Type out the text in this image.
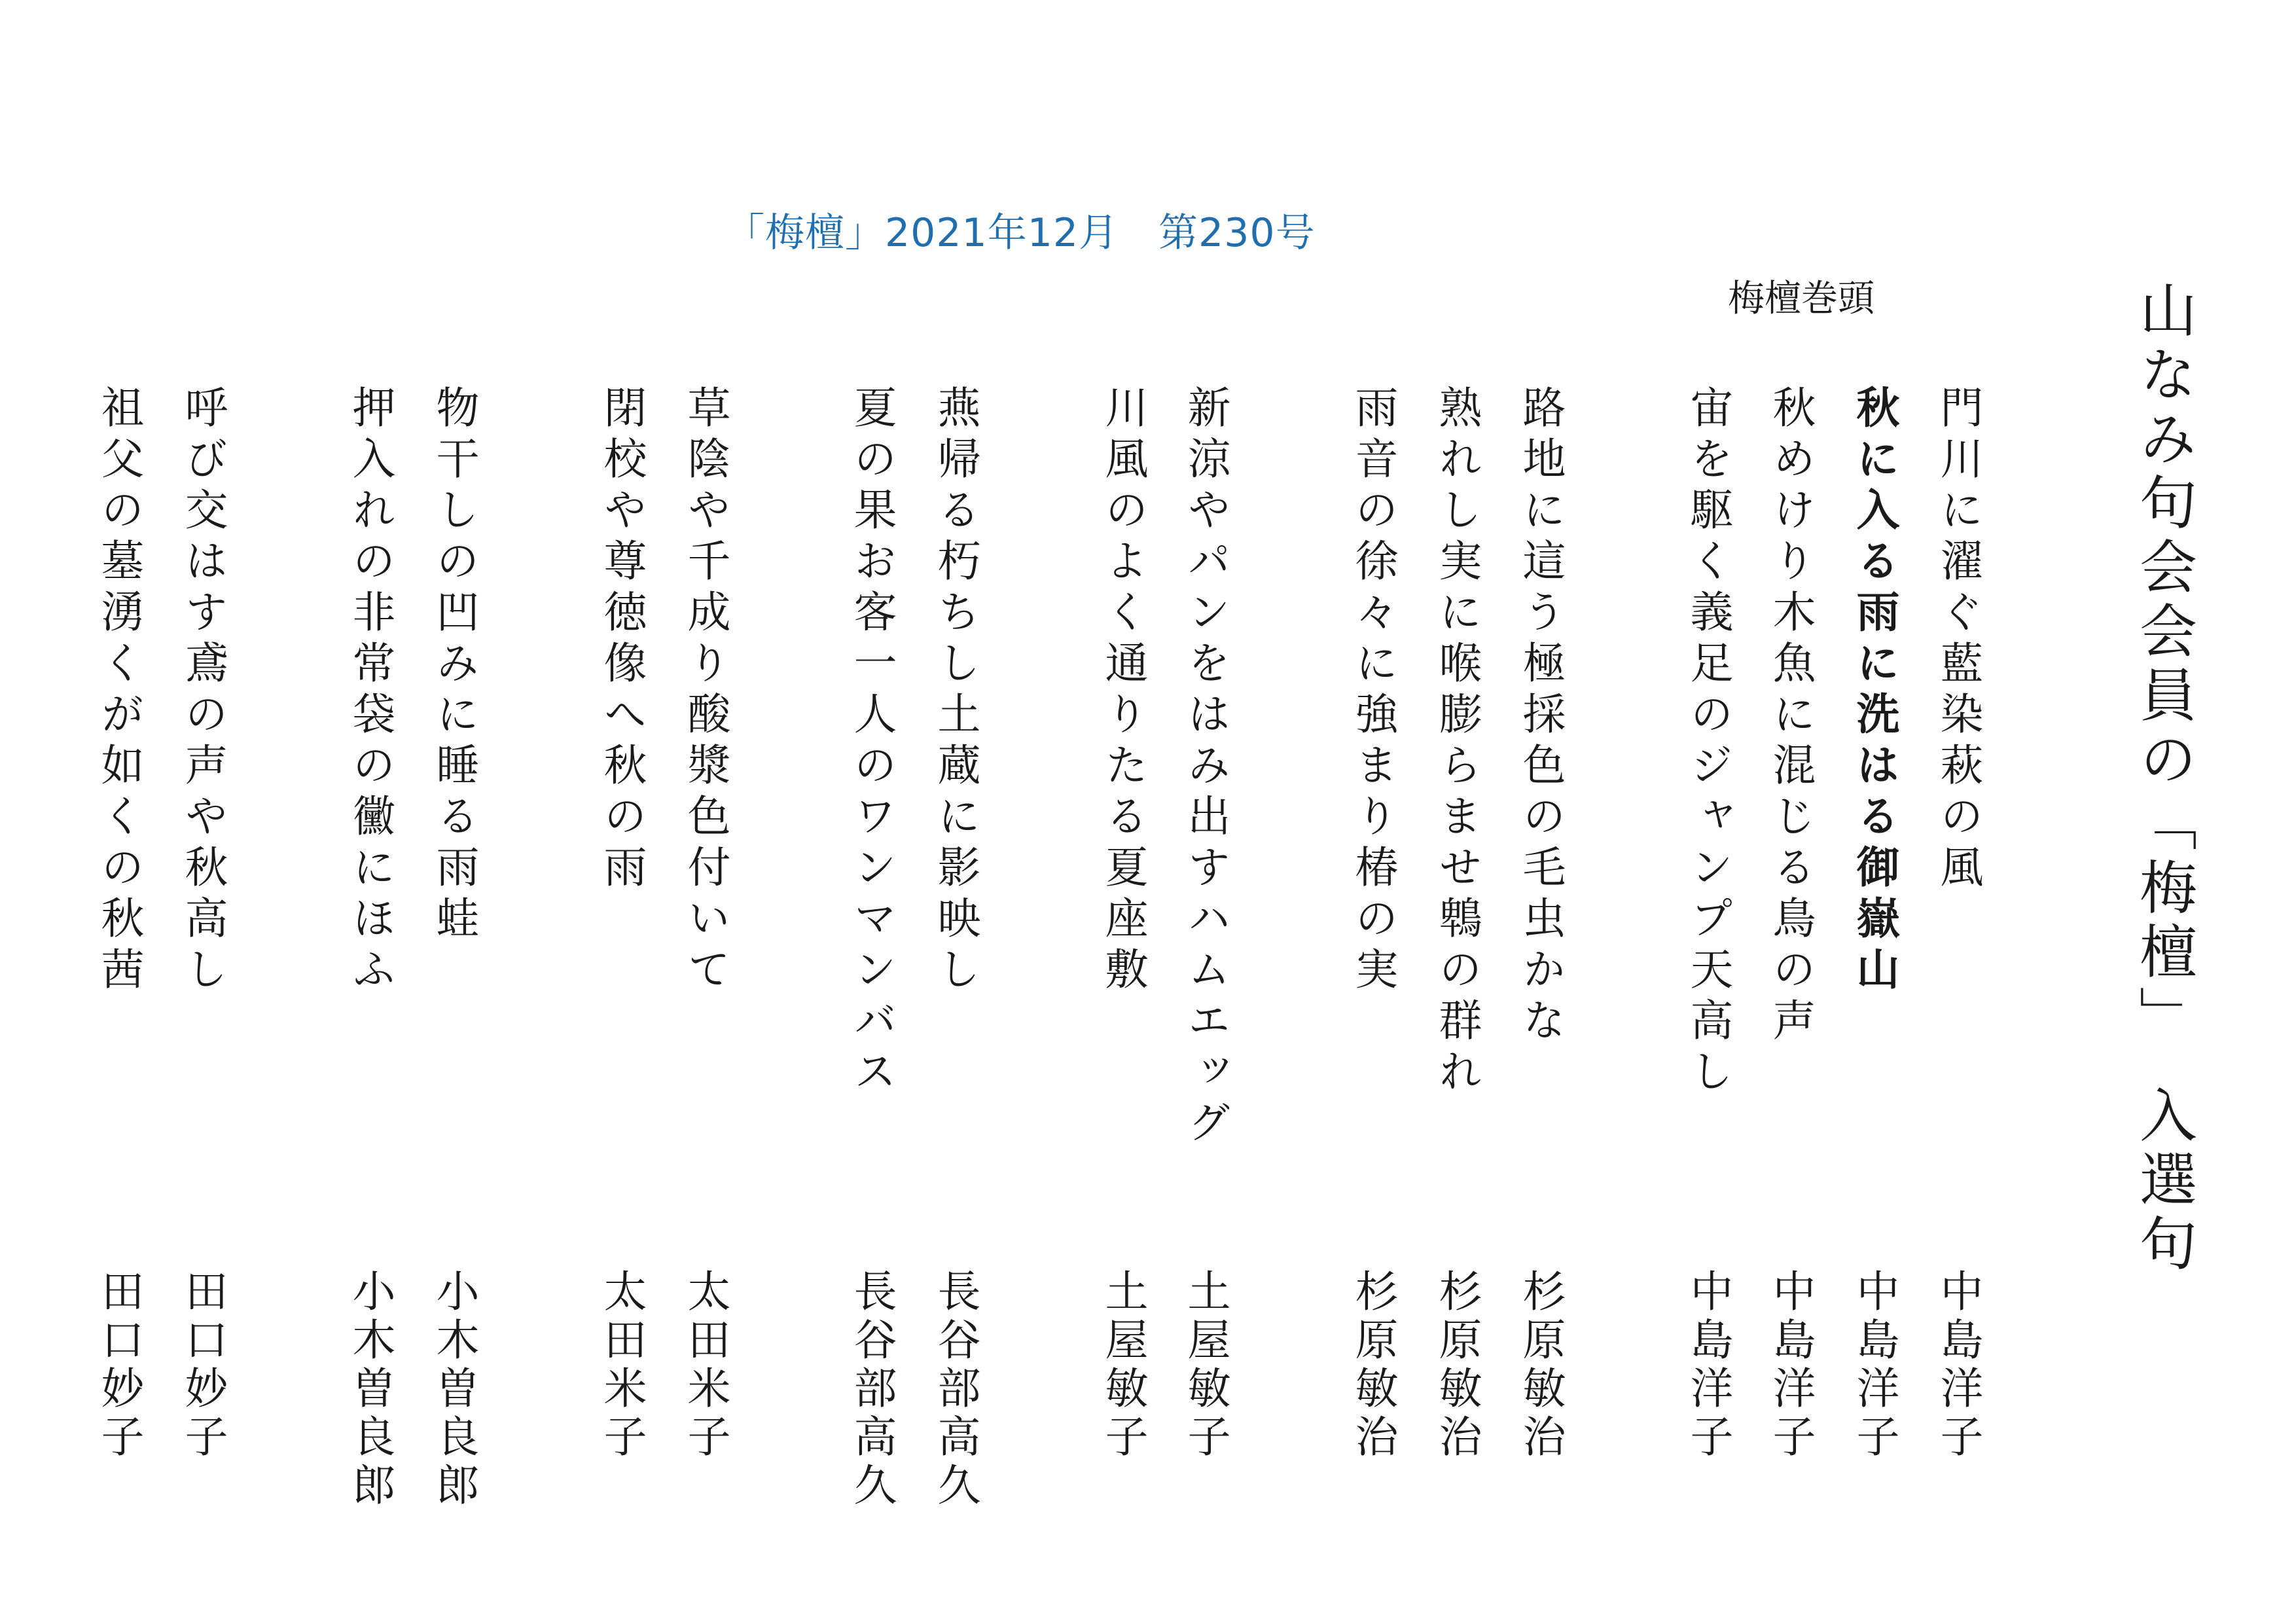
山なみ句会会員の「梅檀」　入選句
「梅檀」2021年12月　第230号
梅檀巻頭
門川に濯ぐ藍染萩の風
中島洋子
秋に入る雨に洗はる御嶽山
中島洋子
秋めけり木魚に混じる鳥の声
中島洋子
宙を駆く義足のジャンプ天高し
中島洋子
路地に這う極採色の毛虫かな
杉原敏治
熟れし実に喉膨らませ鵯の群れ
杉原敏治
雨音の徐々に強まり椿の実
杉原敏治
新涼やパンをはみ出すハムエッグ
土屋敏子
川風のよく通りたる夏座敷
土屋敏子
燕帰る朽ちし土蔵に影映し
長谷部高久
夏の果お客一人のワンマンバス
長谷部高久
草陰や千成り酸漿色付いて
太田米子
閉校や尊徳像へ秋の雨
太田米子
物干しの凹みに睡る雨蛙
小木曽良郎
押入れの非常袋の黴にほふ
小木曽良郎
呼び交はす鳶の声や秋高し
田口妙子
祖父の墓湧くが如くの秋茜
田口妙子
